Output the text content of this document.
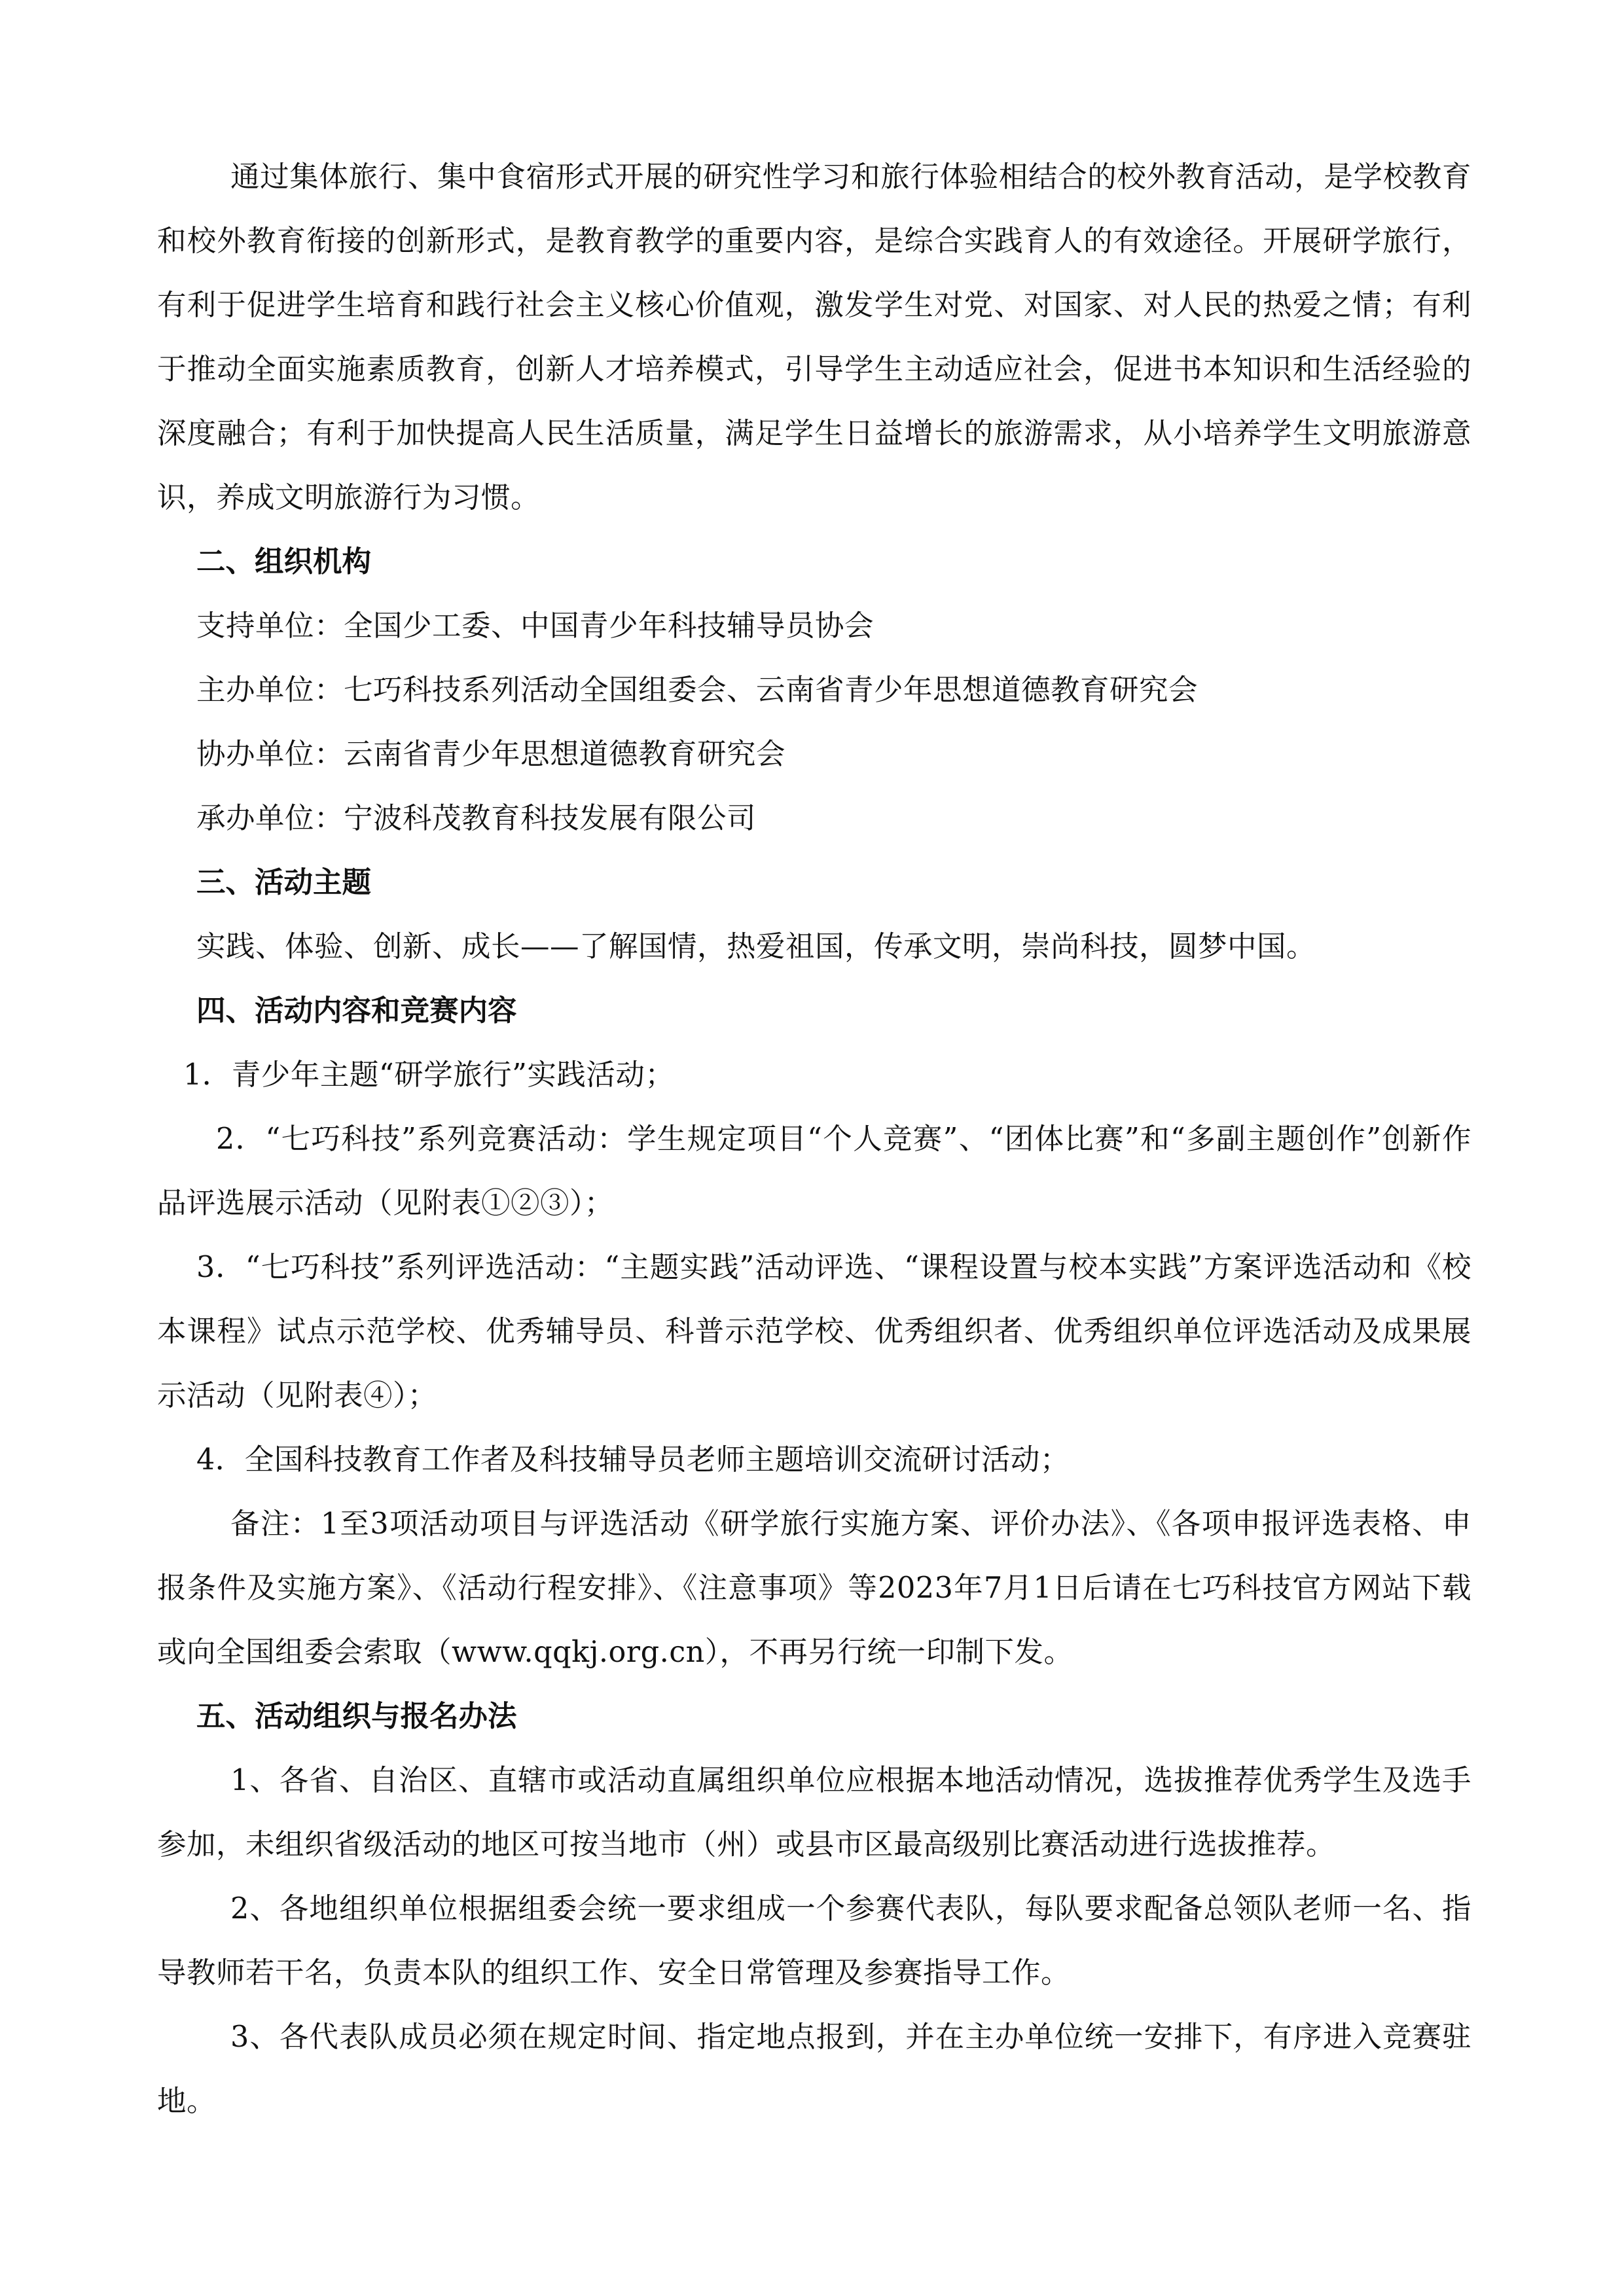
通过集体旅行、集中食宿形式开展的研究性学习和旅行体验相结合的校外教育活动，是学校教育和校外教育衔接的创新形式，是教育教学的重要内容，是综合实践育人的有效途径。开展研学旅行，有利于促进学生培育和践行社会主义核心价值观，激发学生对党、对国家、对人民的热爱之情；有利于推动全面实施素质教育，创新人才培养模式，引导学生主动适应社会，促进书本知识和生活经验的深度融合；有利于加快提高人民生活质量，满足学生日益增长的旅游需求，从小培养学生文明旅游意识，养成文明旅游行为习惯。

二、组织机构

支持单位：全国少工委、中国青少年科技辅导员协会

主办单位：七巧科技系列活动全国组委会、云南省青少年思想道德教育研究会

协办单位：云南省青少年思想道德教育研究会

承办单位：宁波科茂教育科技发展有限公司

三、活动主题

实践、体验、创新、成长——了解国情，热爱祖国，传承文明，崇尚科技，圆梦中国。

四、活动内容和竞赛内容

1．青少年主题“研学旅行”实践活动；

2．“七巧科技”系列竞赛活动：学生规定项目“个人竞赛”、“团体比赛”和“多副主题创作”创新作品评选展示活动（见附表①②③）；

3．“七巧科技”系列评选活动：“主题实践”活动评选、“课程设置与校本实践”方案评选活动和《校本课程》试点示范学校、优秀辅导员、科普示范学校、优秀组织者、优秀组织单位评选活动及成果展示活动（见附表④）；

4．全国科技教育工作者及科技辅导员老师主题培训交流研讨活动；

备注：1至3项活动项目与评选活动《研学旅行实施方案、评价办法》、《各项申报评选表格、申报条件及实施方案》、《活动行程安排》、《注意事项》等2023年7月1日后请在七巧科技官方网站下载或向全国组委会索取（www.qqkj.org.cn），不再另行统一印制下发。

五、活动组织与报名办法

1、各省、自治区、直辖市或活动直属组织单位应根据本地活动情况，选拔推荐优秀学生及选手参加，未组织省级活动的地区可按当地市（州）或县市区最高级别比赛活动进行选拔推荐。

2、各地组织单位根据组委会统一要求组成一个参赛代表队，每队要求配备总领队老师一名、指导教师若干名，负责本队的组织工作、安全日常管理及参赛指导工作。

3、各代表队成员必须在规定时间、指定地点报到，并在主办单位统一安排下，有序进入竞赛驻地。
